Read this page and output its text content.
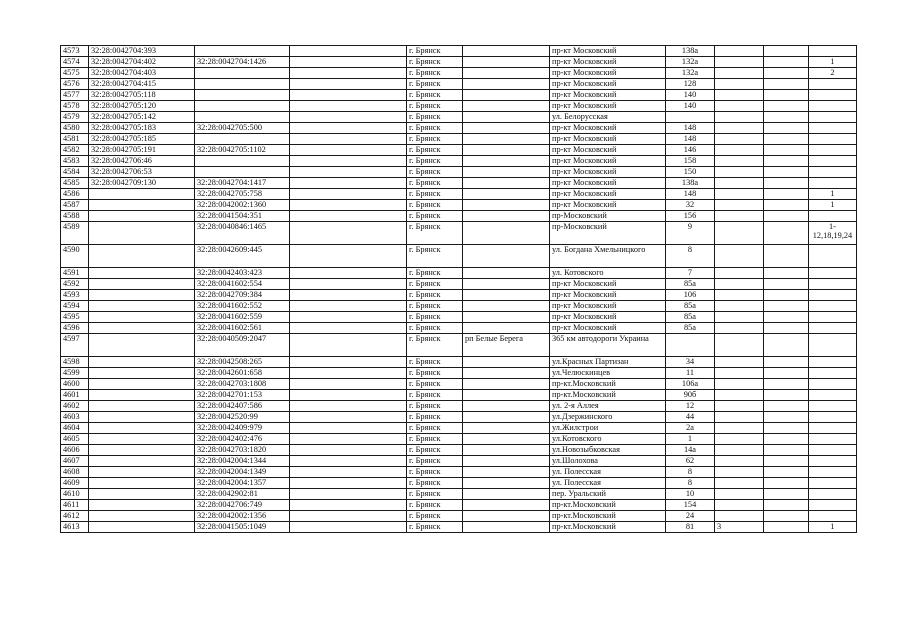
4573	32:28:0042704:393			г. Брянск		пр-кт Московский	138а			
4574	32:28:0042704:402	32:28:0042704:1426		г. Брянск		пр-кт Московский	132а			1
4575	32:28:0042704:403			г. Брянск		пр-кт Московский	132а			2
4576	32:28:0042704:415			г. Брянск		пр-кт Московский	128			
4577	32:28:0042705:118			г. Брянск		пр-кт Московский	140			
4578	32:28:0042705:120			г. Брянск		пр-кт Московский	140			
4579	32:28:0042705:142			г. Брянск		ул. Белорусская				
4580	32:28:0042705:183	32:28:0042705:500		г. Брянск		пр-кт Московский	148			
4581	32:28:0042705:185			г. Брянск		пр-кт Московский	148			
4582	32:28:0042705:191	32:28:0042705:1102		г. Брянск		пр-кт Московский	146			
4583	32:28:0042706:46			г. Брянск		пр-кт Московский	158			
4584	32:28:0042706:53			г. Брянск		пр-кт Московский	150			
4585	32:28:0042709:130	32:28:0042704:1417		г. Брянск		пр-кт Московский	138а			
4586		32:28:0042705:758		г. Брянск		пр-кт Московский	148			1
4587		32:28:0042002:1360		г. Брянск		пр-кт Московский	32			1
4588		32:28:0041504:351		г. Брянск		пр-Московский	156			
4589		32:28:0040846:1465		г. Брянск		пр-Московский	9			1-12,18,19,24
4590		32:28:0042609:445		г. Брянск		ул. Богдана Хмельницкого	8			
4591		32:28:0042403:423		г. Брянск		ул. Котовского	7			
4592		32:28:0041602:554		г. Брянск		пр-кт Московский	85а			
4593		32:28:0042709:384		г. Брянск		пр-кт Московский	106			
4594		32:28:0041602:552		г. Брянск		пр-кт Московский	85а			
4595		32:28:0041602:559		г. Брянск		пр-кт Московский	85а			
4596		32:28:0041602:561		г. Брянск		пр-кт Московский	85а			
4597		32:28:0040509:2047		г. Брянск	рп Белые Берега	365 км автодороги Украина				
4598		32:28:0042508:265		г. Брянск		ул.Красных Партизан	34			
4599		32:28:0042601:658		г. Брянск		ул.Челюскинцев	11			
4600		32:28:0042703:1808		г. Брянск		пр-кт.Московский	106а			
4601		32:28:0042701:153		г. Брянск		пр-кт.Московский	90б			
4602		32:28:0042407:586		г. Брянск		ул. 2-я Аллея	12			
4603		32:28:0042520:99		г. Брянск		ул.Дзержинского	44			
4604		32:28:0042409:979		г. Брянск		ул.Жилстрои	2а			
4605		32:28:0042402:476		г. Брянск		ул.Котовского	1			
4606		32:28:0042703:1820		г. Брянск		ул.Новозыбковская	14а			
4607		32:28:0042004:1344		г. Брянск		ул.Шолохова	62			
4608		32:28:0042004:1349		г. Брянск		ул. Полесская	8			
4609		32:28:0042004:1357		г. Брянск		ул. Полесская	8			
4610		32:28:0042902:81		г. Брянск		пер. Уральский	10			
4611		32:28:0042706:749		г. Брянск		пр-кт.Московский	154			
4612		32:28:0042002:1356		г. Брянск		пр-кт.Московский	24			
4613		32:28:0041505:1049		г. Брянск		пр-кт.Московский	81	3		1
